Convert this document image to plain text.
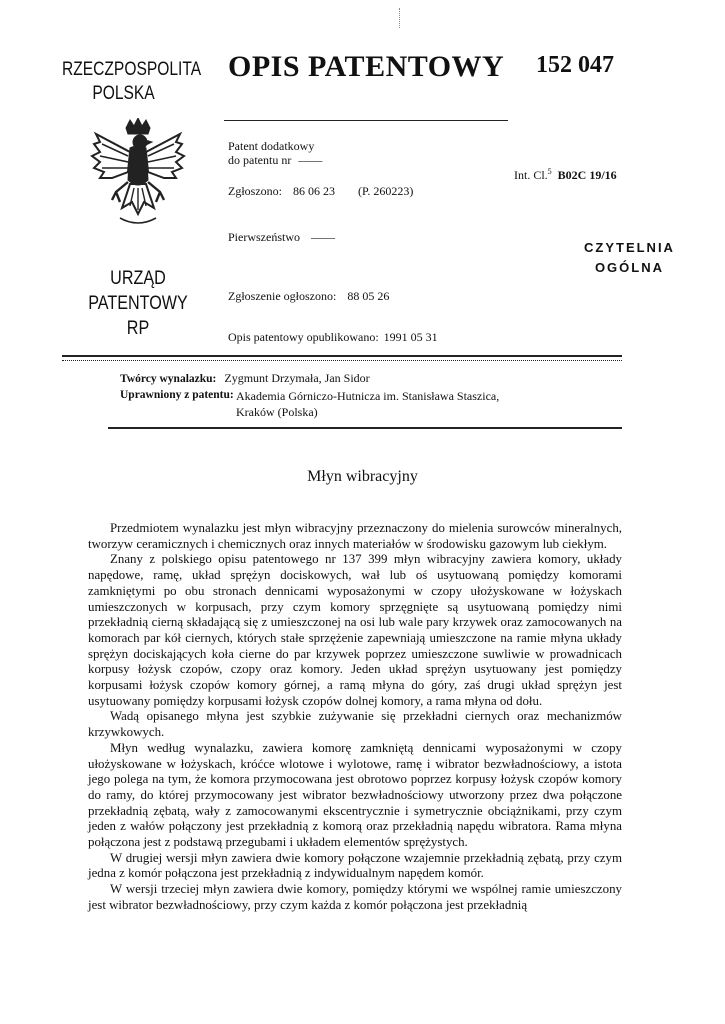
RZECZPOSPOLITA
POLSKA
OPIS PATENTOWY 152 047
URZĄD
PATENTOWY
RP
Patent dodatkowy
do patentu nr ——
Zgłoszono: 86 06 23 (P. 260223)
Pierwszeństwo ——
Zgłoszenie ogłoszono: 88 05 26
Opis patentowy opublikowano: 1991 05 31
Int. Cl.$^5$ B02C 19/16
CZYTELNIA
OGÓLNA
Twórcy wynalazku: Zygmunt Drzymała, Jan Sidor
Uprawniony z patentu: Akademia Górniczo-Hutnicza im. Stanisława Staszica,
Kraków (Polska)
Młyn wibracyjny

Przedmiotem wynalazku jest młyn wibracyjny przeznaczony do mielenia surowców mineralnych, tworzyw ceramicznych i chemicznych oraz innych materiałów w środowisku gazowym lub ciekłym.

Znany z polskiego opisu patentowego nr 137 399 młyn wibracyjny zawiera komory, układy napędowe, ramę, układ sprężyn dociskowych, wał lub oś usytuowaną pomiędzy komorami zamkniętymi po obu stronach dennicami wyposażonymi w czopy ułożyskowane w łożyskach umieszczonych w korpusach, przy czym komory sprzęgnięte są usytuowaną pomiędzy nimi przekładnią cierną składającą się z umieszczonej na osi lub wale pary krzywek oraz zamocowanych na komorach par kół ciernych, których stałe sprzężenie zapewniają umieszczone na ramie młyna układy sprężyn dociskających koła cierne do par krzywek poprzez umieszczone suwliwie w prowadnicach korpusy łożysk czopów, czopy oraz komory. Jeden układ sprężyn usytuowany jest pomiędzy korpusami łożysk czopów komory górnej, a ramą młyna do góry, zaś drugi układ sprężyn jest usytuowany pomiędzy korpusami łożysk czopów dolnej komory, a rama młyna od dołu.

Wadą opisanego młyna jest szybkie zużywanie się przekładni ciernych oraz mechanizmów krzywkowych.

Młyn według wynalazku, zawiera komorę zamkniętą dennicami wyposażonymi w czopy ułożyskowane w łożyskach, króćce wlotowe i wylotowe, ramę i wibrator bezwładnościowy, a istota jego polega na tym, że komora przymocowana jest obrotowo poprzez korpusy łożysk czopów komory do ramy, do której przymocowany jest wibrator bezwładnościowy utworzony przez dwa połączone przekładnią zębatą, wały z zamocowanymi ekscentrycznie i symetrycznie obciążnikami, przy czym jeden z wałów połączony jest przekładnią z komorą oraz przekładnią napędu wibratora. Rama młyna połączona jest z podstawą przegubami i układem elementów sprężystych.

W drugiej wersji młyn zawiera dwie komory połączone wzajemnie przekładnią zębatą, przy czym jedna z komór połączona jest przekładnią z indywidualnym napędem komór.

W wersji trzeciej młyn zawiera dwie komory, pomiędzy którymi we wspólnej ramie umieszczony jest wibrator bezwładnościowy, przy czym każda z komór połączona jest przekładnią
